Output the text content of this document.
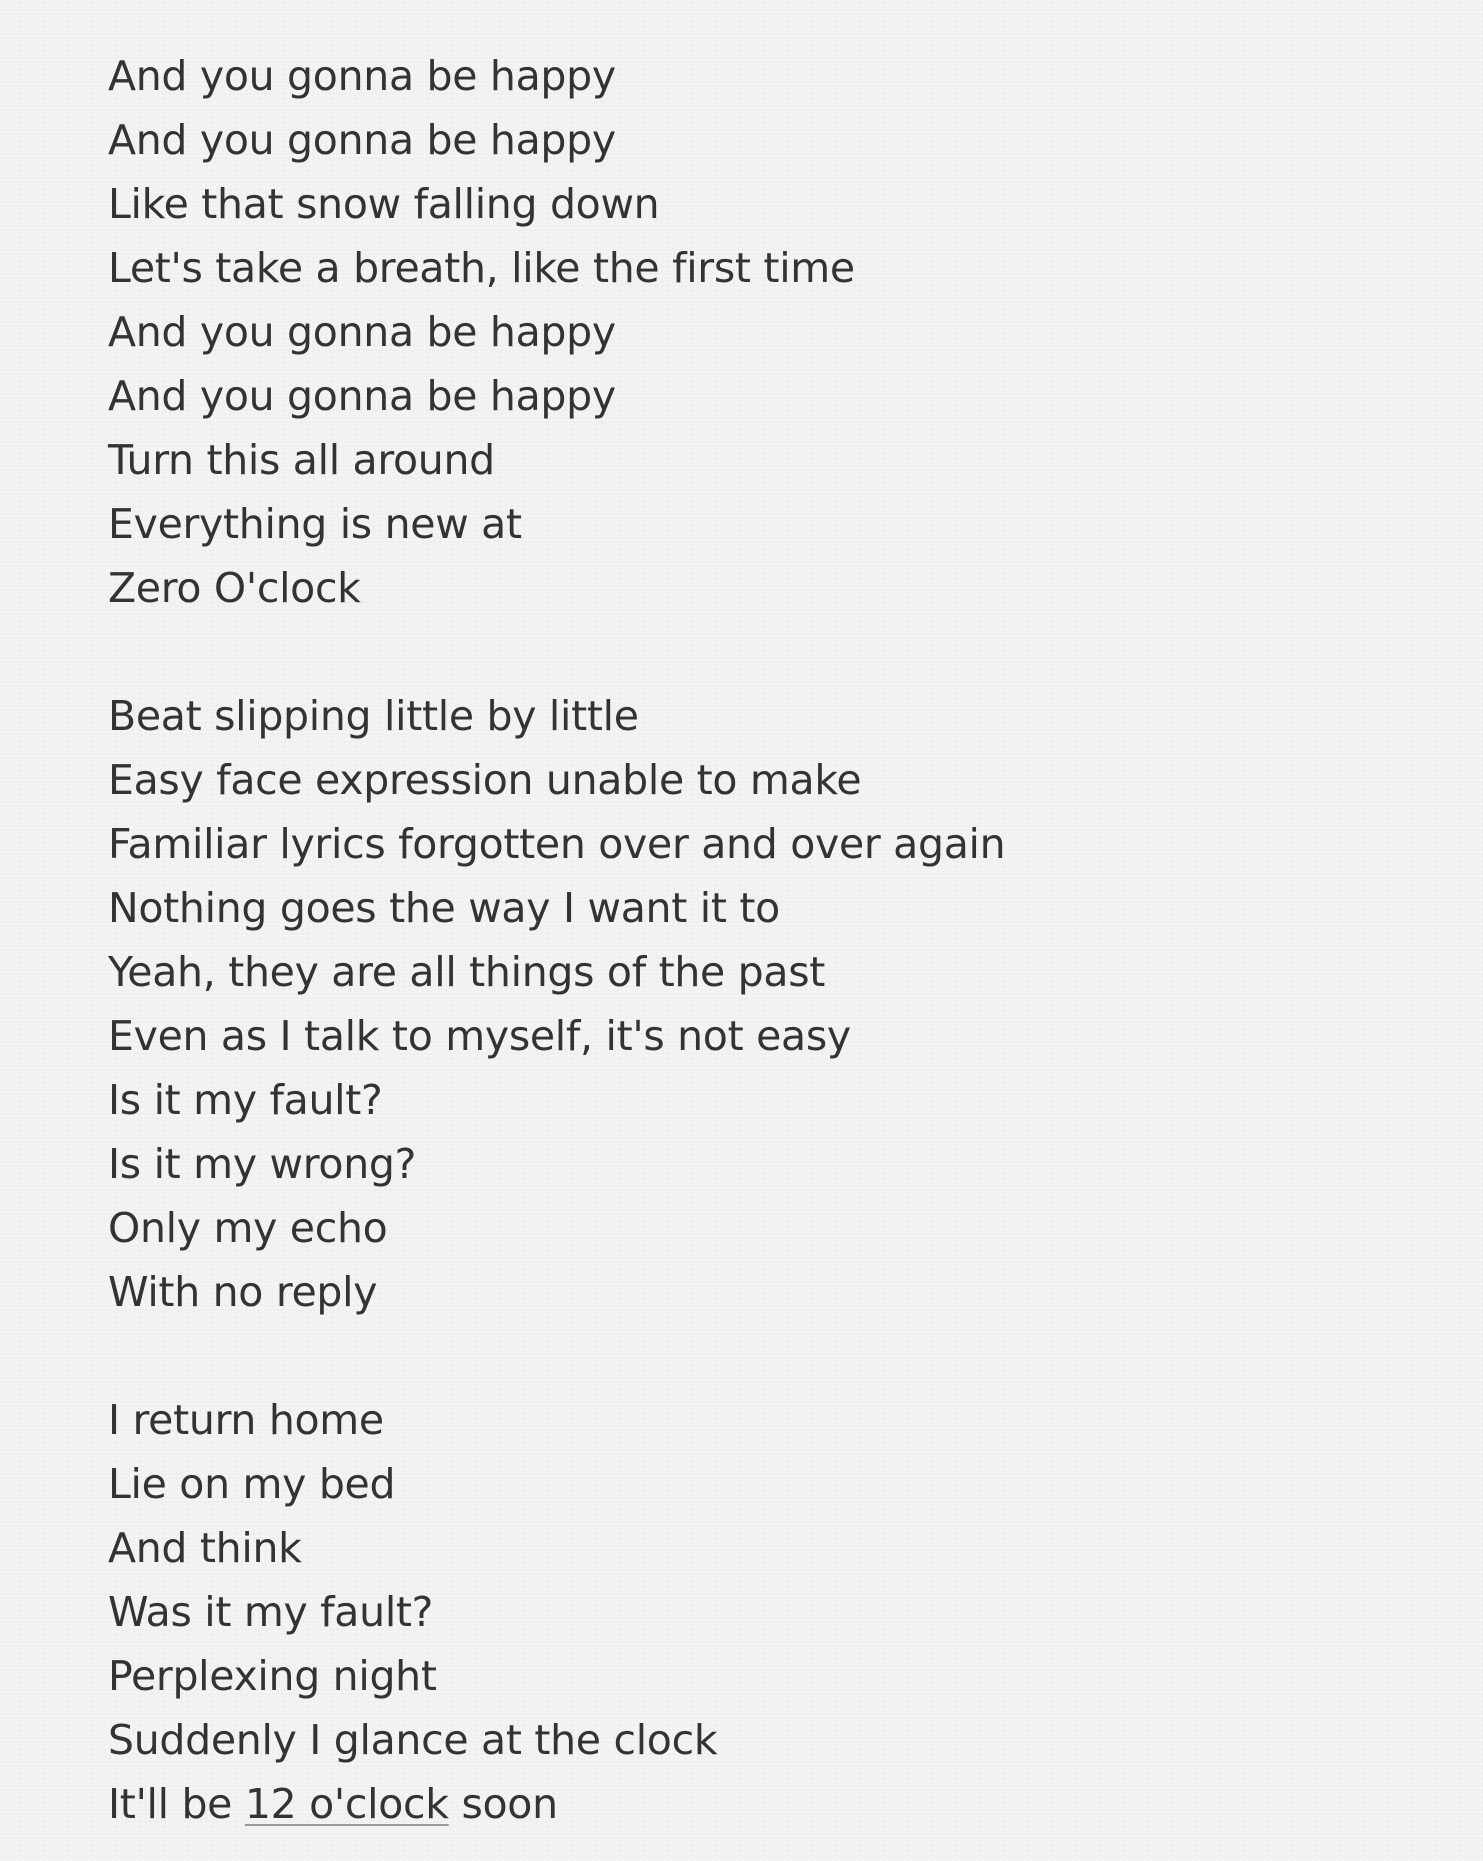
And you gonna be happy
And you gonna be happy
Like that snow falling down
Let's take a breath, like the first time
And you gonna be happy
And you gonna be happy
Turn this all around
Everything is new at
Zero O'clock
Beat slipping little by little
Easy face expression unable to make
Familiar lyrics forgotten over and over again
Nothing goes the way I want it to
Yeah, they are all things of the past
Even as I talk to myself, it's not easy
Is it my fault?
Is it my wrong?
Only my echo
With no reply
I return home
Lie on my bed
And think
Was it my fault?
Perplexing night
Suddenly I glance at the clock
It'll be 12 o'clock soon
